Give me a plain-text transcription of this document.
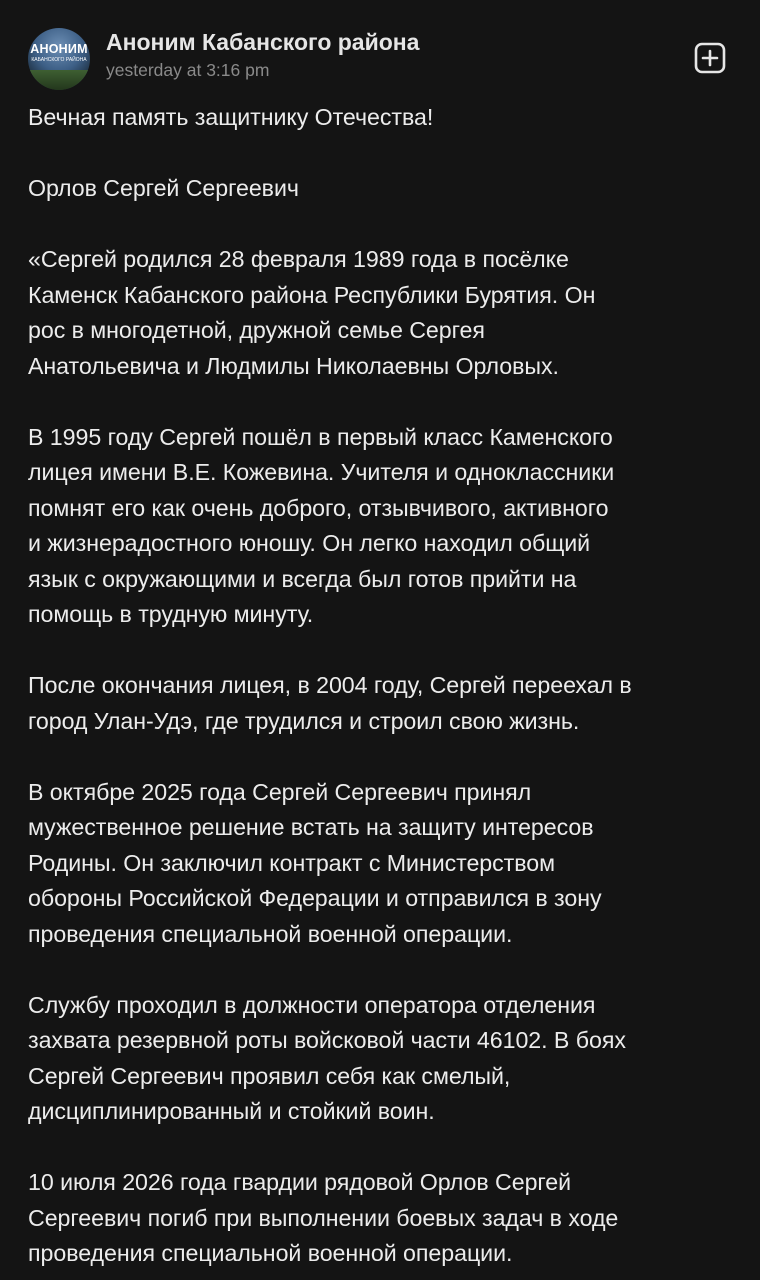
АНОНИМ
КАБАНСКОГО РАЙОНА
Аноним Кабанского района
yesterday at 3:16 pm

Вечная память защитнику Отечества!

Орлов Сергей Сергеевич

«Сергей родился 28 февраля 1989 года в посёлке
Каменск Кабанского района Республики Бурятия. Он
рос в многодетной, дружной семье Сергея
Анатольевича и Людмилы Николаевны Орловых.

В 1995 году Сергей пошёл в первый класс Каменского
лицея имени В.Е. Кожевина. Учителя и одноклассники
помнят его как очень доброго, отзывчивого, активного
и жизнерадостного юношу. Он легко находил общий
язык с окружающими и всегда был готов прийти на
помощь в трудную минуту.

После окончания лицея, в 2004 году, Сергей переехал в
город Улан-Удэ, где трудился и строил свою жизнь.

В октябре 2025 года Сергей Сергеевич принял
мужественное решение встать на защиту интересов
Родины. Он заключил контракт с Министерством
обороны Российской Федерации и отправился в зону
проведения специальной военной операции.

Службу проходил в должности оператора отделения
захвата резервной роты войсковой части 46102. В боях
Сергей Сергеевич проявил себя как смелый,
дисциплинированный и стойкий воин.

10 июля 2026 года гвардии рядовой Орлов Сергей
Сергеевич погиб при выполнении боевых задач в ходе
проведения специальной военной операции.
